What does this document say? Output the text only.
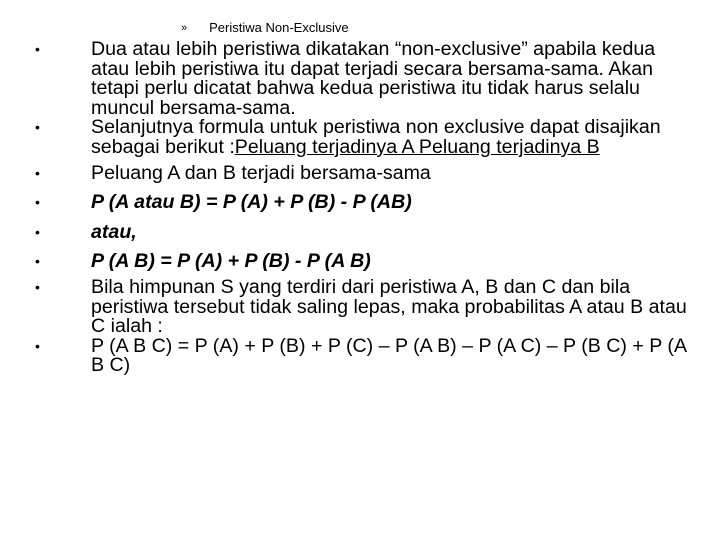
» Peristiwa Non-Exclusive
•	Dua atau lebih peristiwa dikatakan “non-exclusive” apabila kedua atau lebih peristiwa itu dapat terjadi secara bersama-sama. Akan tetapi perlu dicatat bahwa kedua peristiwa itu tidak harus selalu muncul bersama-sama.
•	Selanjutnya formula untuk peristiwa non exclusive dapat disajikan sebagai berikut :Peluang terjadinya A Peluang terjadinya B
•	Peluang A dan B terjadi bersama-sama
•	P (A atau B) = P (A) + P (B) - P (AB)
•	atau,
•	P (A B) = P (A) + P (B) - P (A B)
•	Bila himpunan S yang terdiri dari peristiwa A, B dan C dan bila peristiwa tersebut tidak saling lepas, maka probabilitas A atau B atau C ialah :
•	P (A B C) = P (A) + P (B) + P (C) – P (A B) – P (A C) – P (B C) + P (A B C)
